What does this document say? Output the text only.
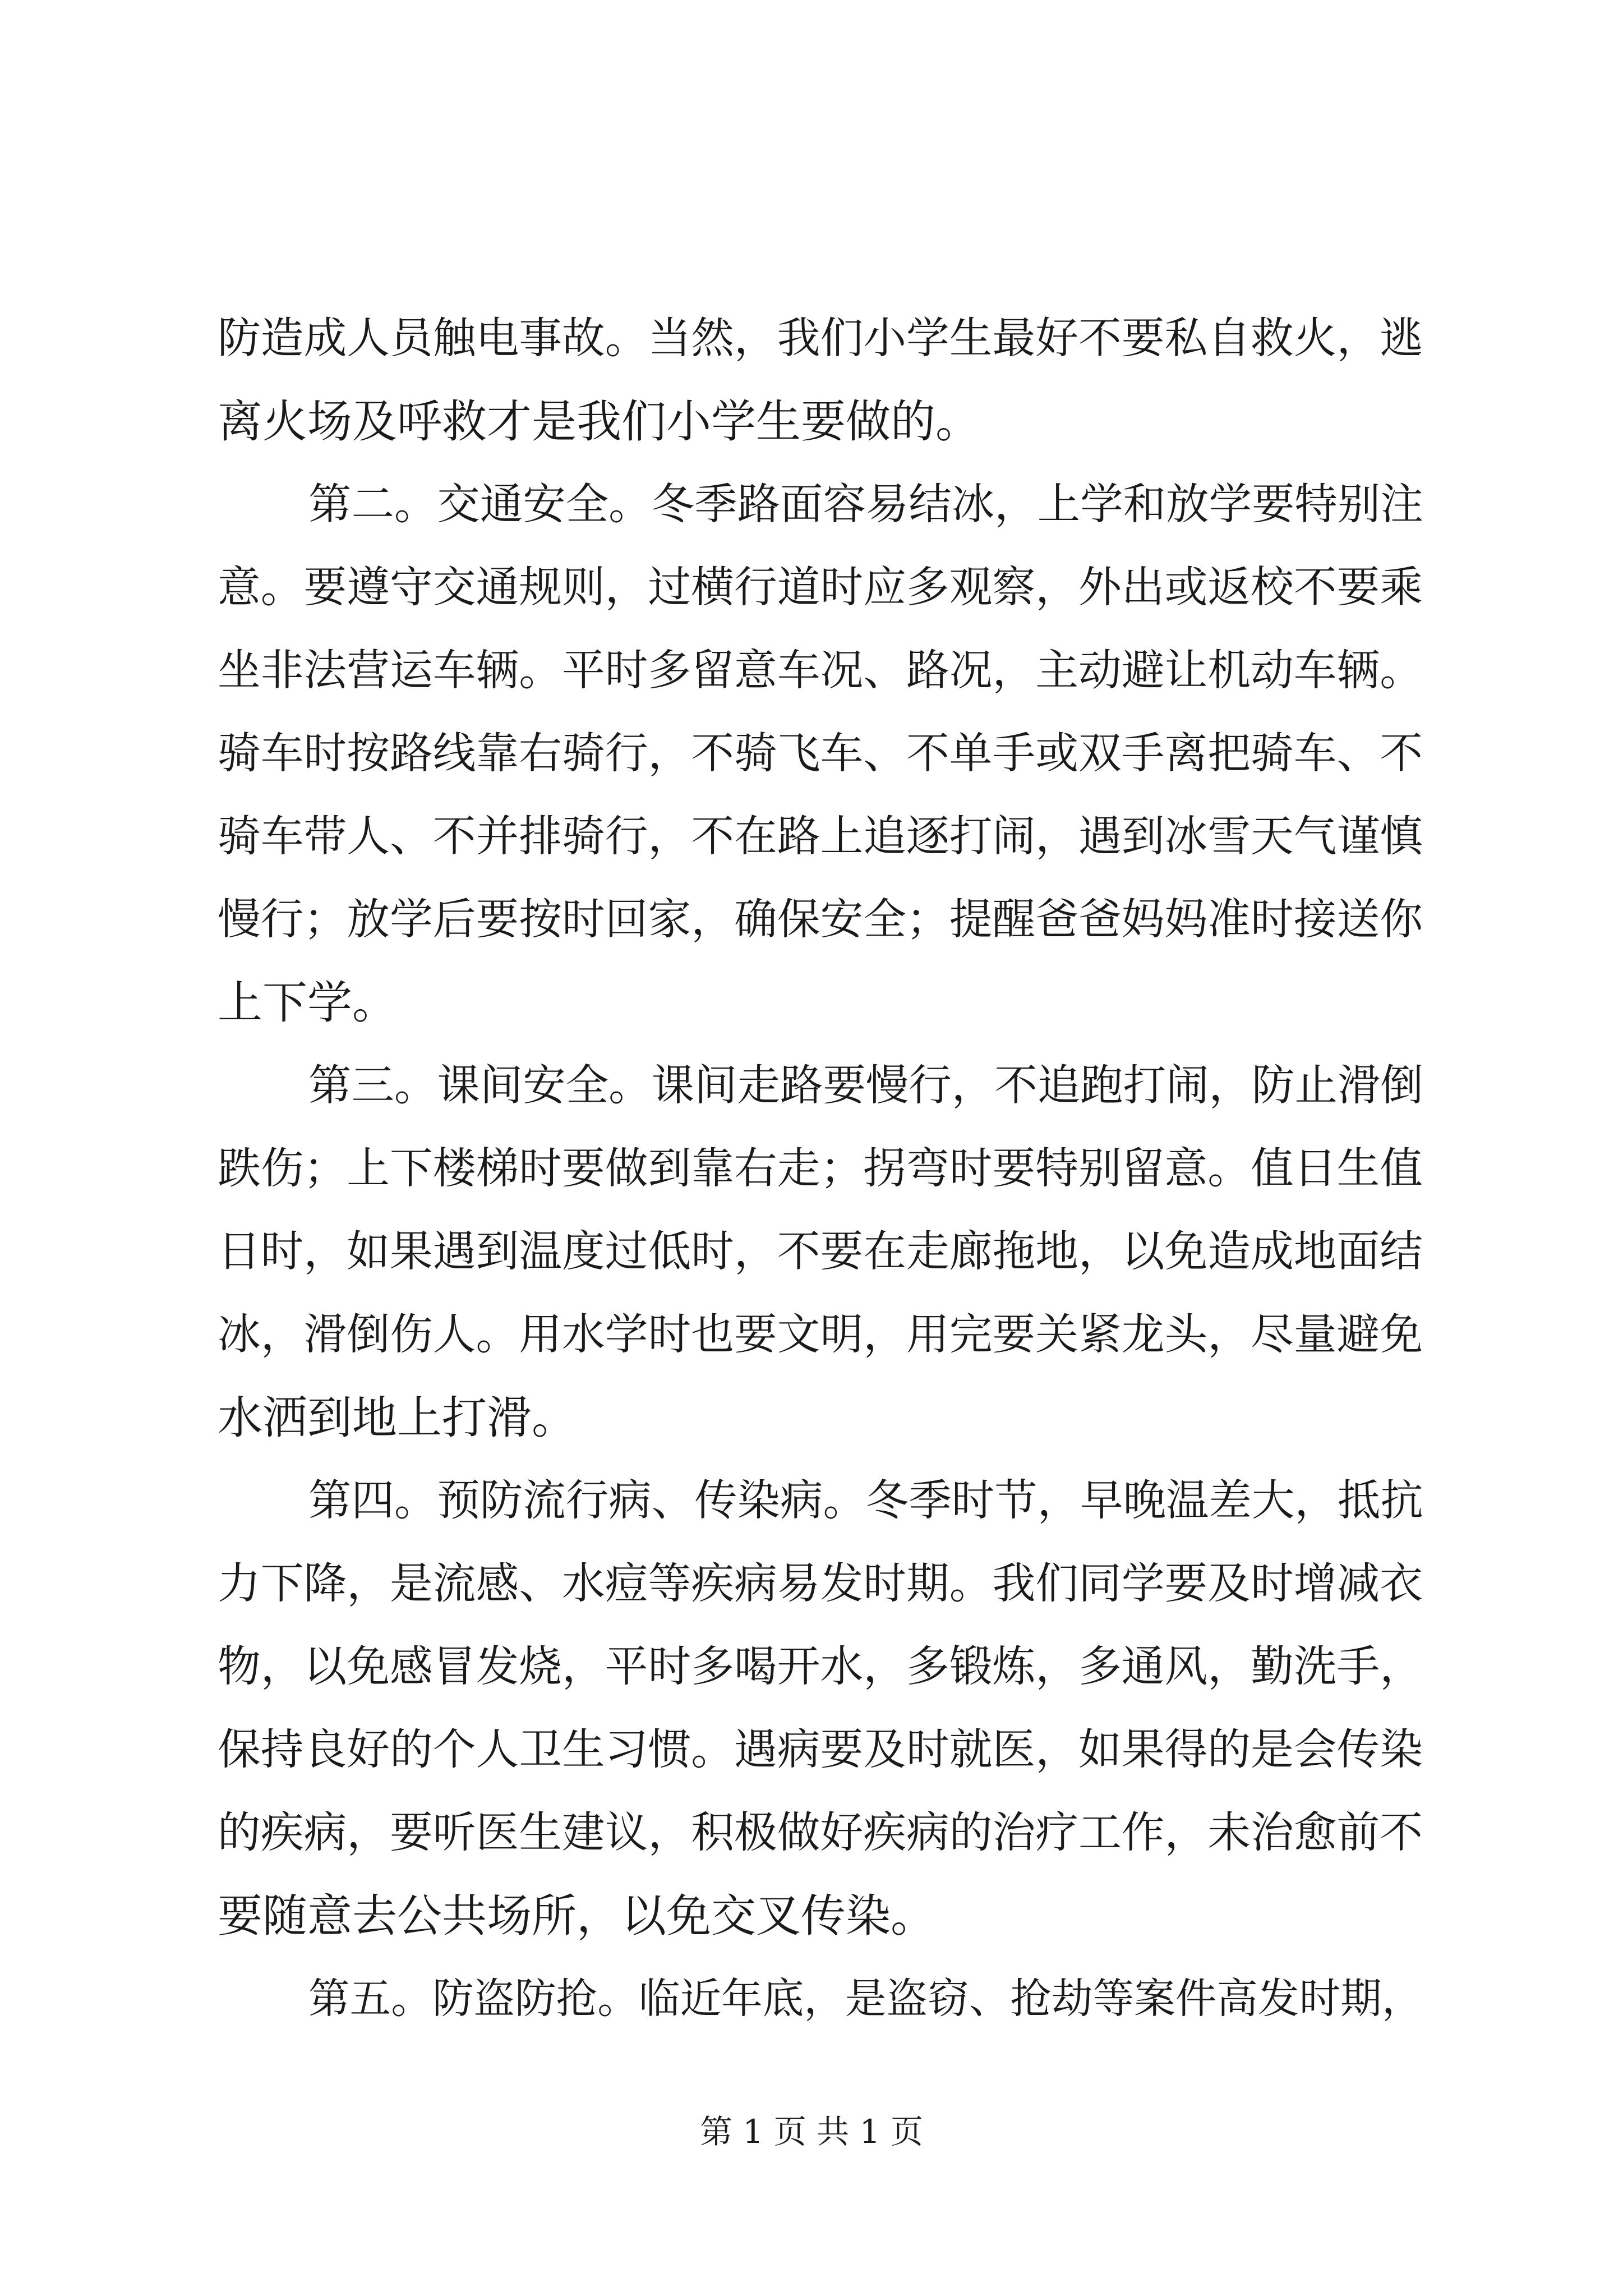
防造成人员触电事故。当然，我们小学生最好不要私自救火，逃
离火场及呼救才是我们小学生要做的。
第二。交通安全。冬季路面容易结冰，上学和放学要特别注
意。要遵守交通规则，过横行道时应多观察，外出或返校不要乘
坐非法营运车辆。平时多留意车况、路况，主动避让机动车辆。
骑车时按路线靠右骑行，不骑飞车、不单手或双手离把骑车、不
骑车带人、不并排骑行，不在路上追逐打闹，遇到冰雪天气谨慎
慢行；放学后要按时回家，确保安全；提醒爸爸妈妈准时接送你
上下学。
第三。课间安全。课间走路要慢行，不追跑打闹，防止滑倒
跌伤；上下楼梯时要做到靠右走；拐弯时要特别留意。值日生值
日时，如果遇到温度过低时，不要在走廊拖地，以免造成地面结
冰，滑倒伤人。用水学时也要文明，用完要关紧龙头，尽量避免
水洒到地上打滑。
第四。预防流行病、传染病。冬季时节，早晚温差大，抵抗
力下降，是流感、水痘等疾病易发时期。我们同学要及时增减衣
物，以免感冒发烧，平时多喝开水，多锻炼，多通风，勤洗手，
保持良好的个人卫生习惯。遇病要及时就医，如果得的是会传染
的疾病，要听医生建议，积极做好疾病的治疗工作，未治愈前不
要随意去公共场所，以免交叉传染。
第五。防盗防抢。临近年底，是盗窃、抢劫等案件高发时期，
第 1 页 共 1 页
